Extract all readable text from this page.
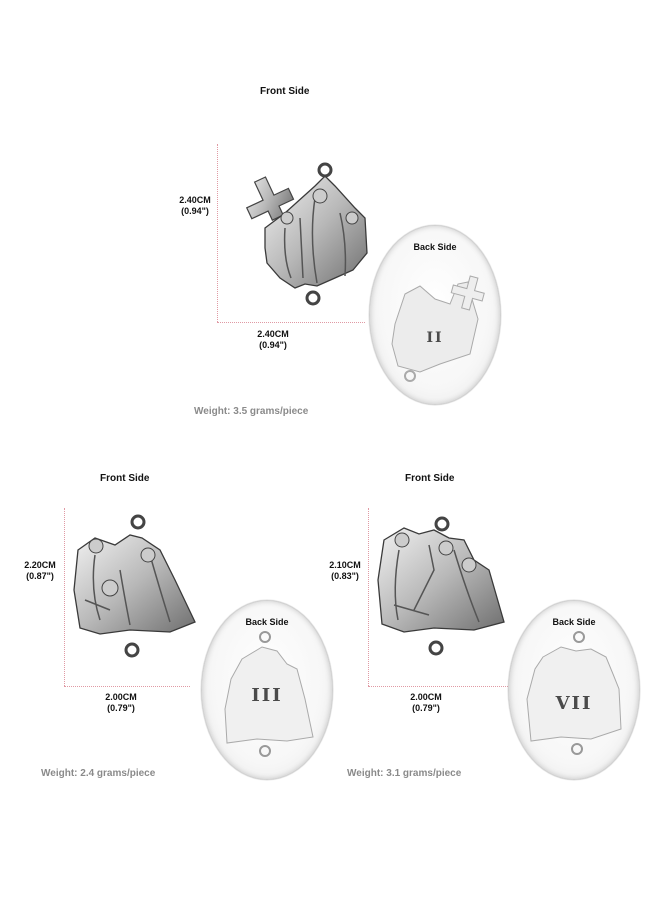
Front Side
2.40CM
(0.94")
2.40CM
(0.94")
Back Side
II
Weight: 3.5 grams/piece
Front Side
2.20CM
(0.87")
2.00CM
(0.79")
Back Side
III
Weight: 2.4 grams/piece
Front Side
2.10CM
(0.83")
2.00CM
(0.79")
Back Side
VII
Weight: 3.1 grams/piece
